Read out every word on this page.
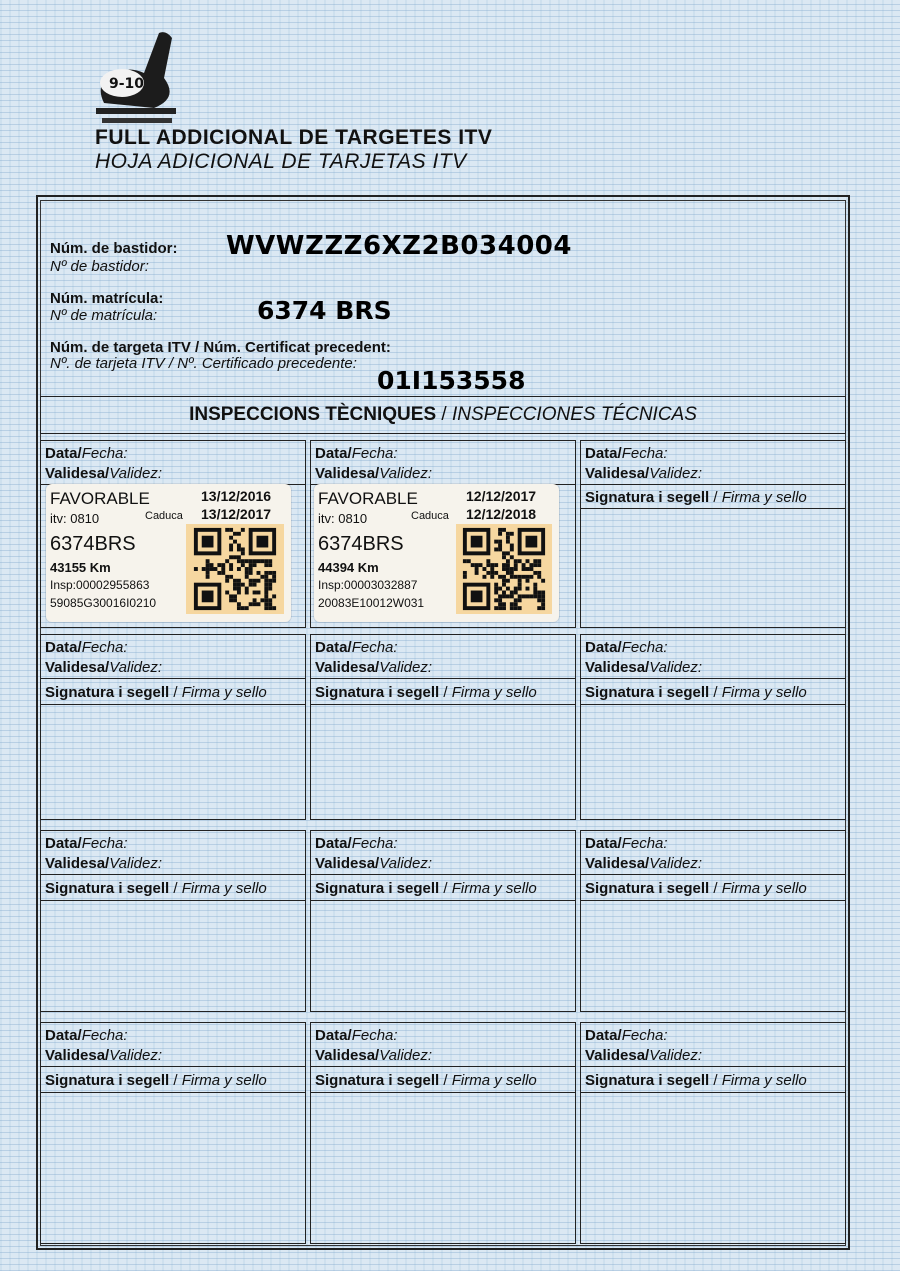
9-10
FULL ADDICIONAL DE TARGETES ITV
HOJA ADICIONAL DE TARJETAS ITV
Núm. de bastidor:
Nº de bastidor:
WVWZZZ6XZ2B034004
Núm. matrícula:
Nº de matrícula:	6374 BRS
Núm. de targeta ITV / Núm. Certificat precedent:
Nº. de tarjeta ITV / Nº. Certificado precedente:
01I153558
INSPECCIONS TÈCNIQUES / INSPECCIONES TÉCNICAS
Data/Fecha:
Validesa/Validez:
Data/Fecha:
Validesa/Validez:
Data/Fecha:
Validesa/Validez:
Signatura i segell / Firma y sello
FAVORABLE	13/12/2016
itv: 0810	Caduca 13/12/2017
6374BRS
43155 Km
Insp:00002955863
59085G30016I0210
FAVORABLE	12/12/2017
itv: 0810	Caduca 12/12/2018
6374BRS
44394 Km
Insp:00003032887
20083E10012W031
Data/Fecha:
Validesa/Validez:
Signatura i segell / Firma y sello
Data/Fecha:
Validesa/Validez:
Signatura i segell / Firma y sello
Data/Fecha:
Validesa/Validez:
Signatura i segell / Firma y sello
Data/Fecha:
Validesa/Validez:
Signatura i segell / Firma y sello
Data/Fecha:
Validesa/Validez:
Signatura i segell / Firma y sello
Data/Fecha:
Validesa/Validez:
Signatura i segell / Firma y sello
Data/Fecha:
Validesa/Validez:
Signatura i segell / Firma y sello
Data/Fecha:
Validesa/Validez:
Signatura i segell / Firma y sello
Data/Fecha:
Validesa/Validez:
Signatura i segell / Firma y sello
